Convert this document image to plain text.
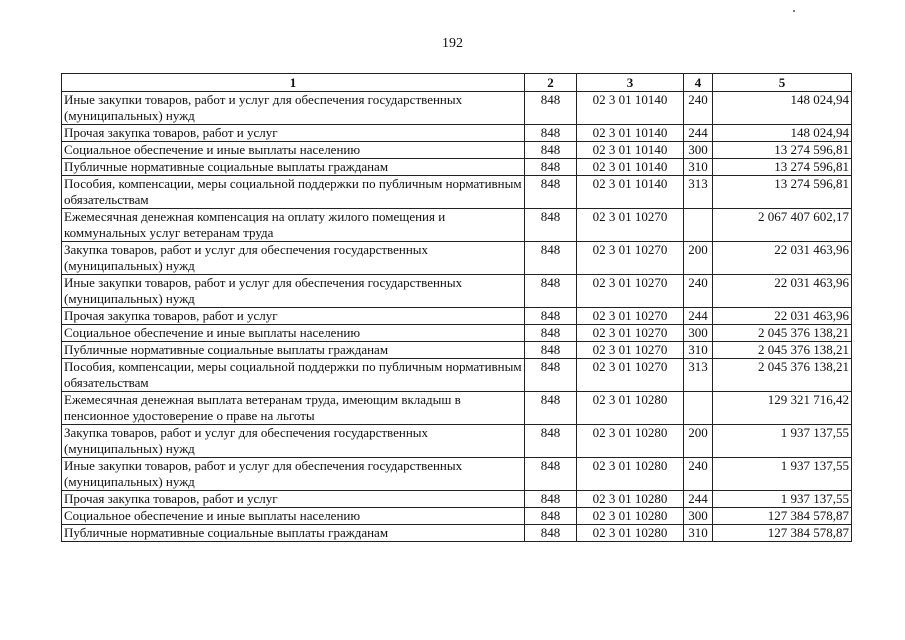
192
1	2	3	4	5
Иные закупки товаров, работ и услуг для обеспечения государственных (муниципальных) нужд	848	02 3 01 10140	240	148 024,94
Прочая закупка товаров, работ и услуг	848	02 3 01 10140	244	148 024,94
Социальное обеспечение и иные выплаты населению	848	02 3 01 10140	300	13 274 596,81
Публичные нормативные социальные выплаты гражданам	848	02 3 01 10140	310	13 274 596,81
Пособия, компенсации, меры социальной поддержки по публичным нормативным обязательствам	848	02 3 01 10140	313	13 274 596,81
Ежемесячная денежная компенсация на оплату жилого помещения и коммунальных услуг ветеранам труда	848	02 3 01 10270		2 067 407 602,17
Закупка товаров, работ и услуг для обеспечения государственных (муниципальных) нужд	848	02 3 01 10270	200	22 031 463,96
Иные закупки товаров, работ и услуг для обеспечения государственных (муниципальных) нужд	848	02 3 01 10270	240	22 031 463,96
Прочая закупка товаров, работ и услуг	848	02 3 01 10270	244	22 031 463,96
Социальное обеспечение и иные выплаты населению	848	02 3 01 10270	300	2 045 376 138,21
Публичные нормативные социальные выплаты гражданам	848	02 3 01 10270	310	2 045 376 138,21
Пособия, компенсации, меры социальной поддержки по публичным нормативным обязательствам	848	02 3 01 10270	313	2 045 376 138,21
Ежемесячная денежная выплата ветеранам труда, имеющим вкладыш в пенсионное удостоверение о праве на льготы	848	02 3 01 10280		129 321 716,42
Закупка товаров, работ и услуг для обеспечения государственных (муниципальных) нужд	848	02 3 01 10280	200	1 937 137,55
Иные закупки товаров, работ и услуг для обеспечения государственных (муниципальных) нужд	848	02 3 01 10280	240	1 937 137,55
Прочая закупка товаров, работ и услуг	848	02 3 01 10280	244	1 937 137,55
Социальное обеспечение и иные выплаты населению	848	02 3 01 10280	300	127 384 578,87
Публичные нормативные социальные выплаты гражданам	848	02 3 01 10280	310	127 384 578,87
